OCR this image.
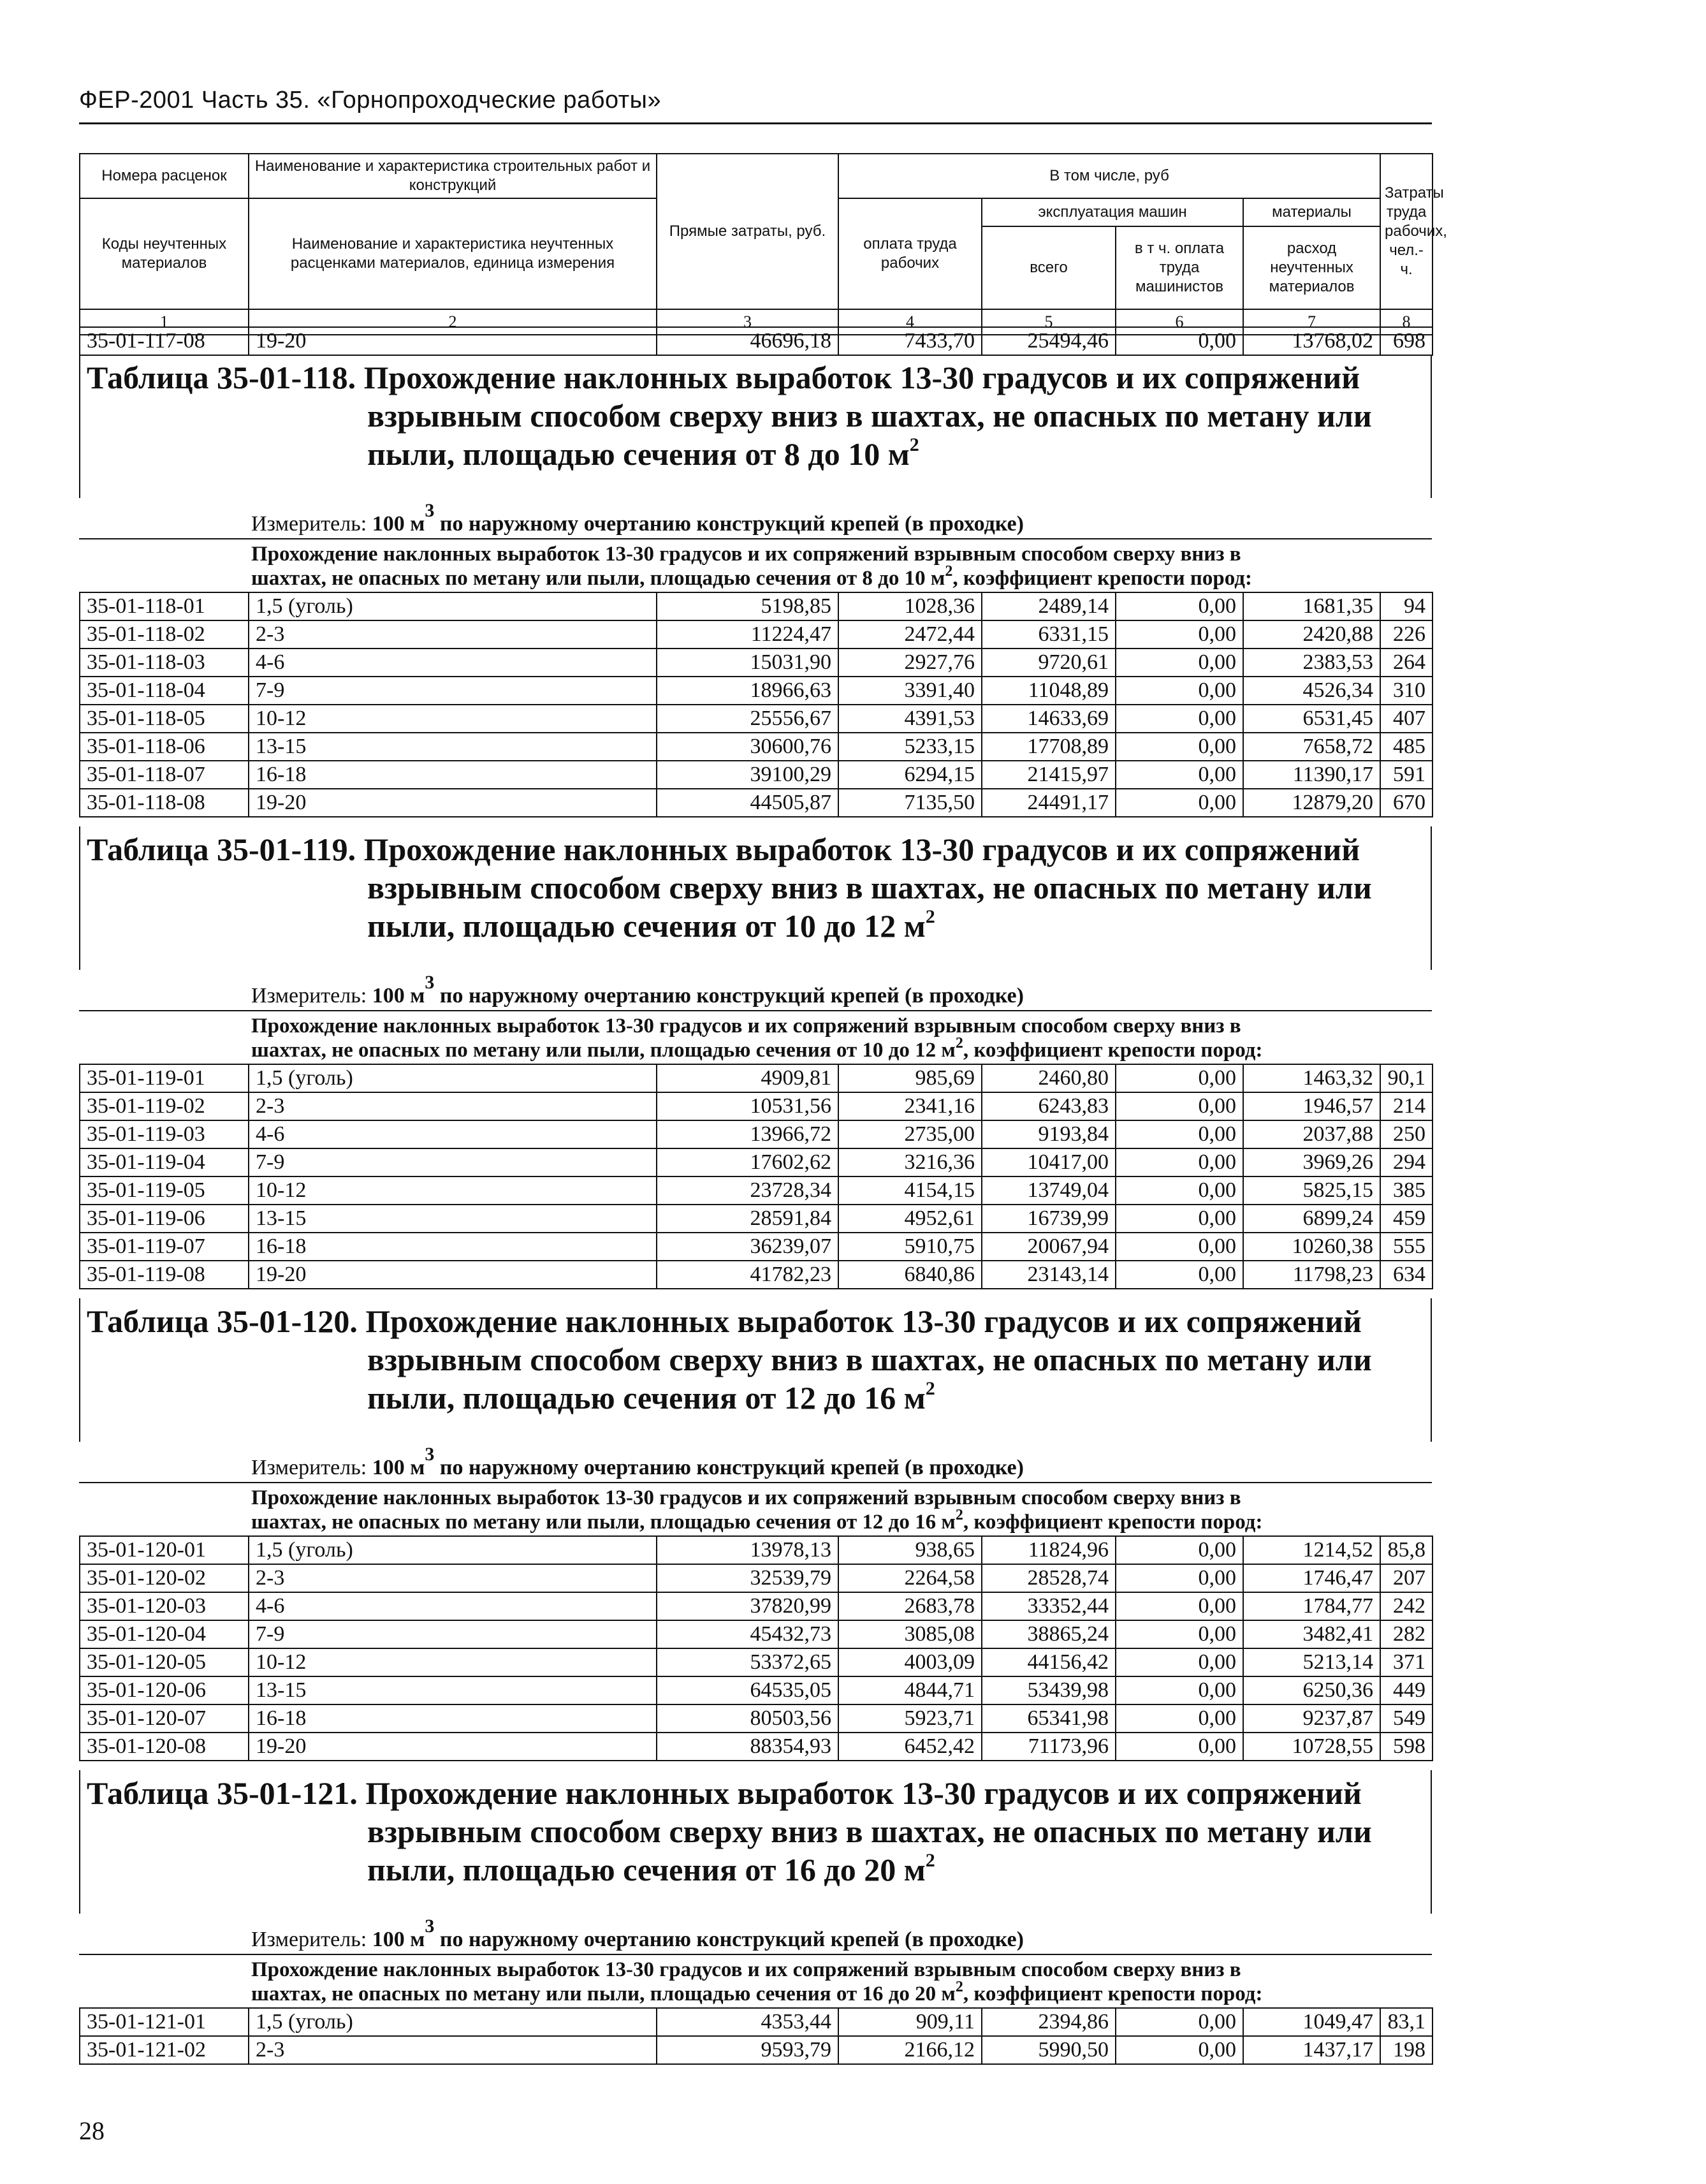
ФЕР-2001 Часть 35. «Горнопроходческие работы»
Номера расценок	Наименование и характеристика строительных работ и конструкций	Прямые затраты, руб.	В том числе, руб				Затраты труда рабочих, чел.-ч.
Коды неучтенных материалов	Наименование и характеристика неучтенных расценками материалов, единица измерения		оплата труда рабочих	эксплуатация машин		материалы	
				всего	в т ч. оплата труда машинистов	расход неучтенных материалов	
1	2	3	4	5	6	7	8
35-01-117-08	19-20	46696,18	7433,70	25494,46	0,00	13768,02	698
Таблица 35-01-118. Прохождение наклонных выработок 13-30 градусов и их сопряжений
взрывным способом сверху вниз в шахтах, не опасных по метану или
пыли, площадью сечения от 8 до 10 $м^2$
Измеритель: 100 м3 по наружному очертанию конструкций крепей (в проходке)
Прохождение наклонных выработок 13-30 градусов и их сопряжений взрывным способом сверху вниз в
шахтах, не опасных по метану или пыли, площадью сечения от 8 до 10 $м^2$, коэффициент крепости пород:
35-01-118-01	1,5 (уголь)	5198,85	1028,36	2489,14	0,00	1681,35	94
35-01-118-02	2-3	11224,47	2472,44	6331,15	0,00	2420,88	226
35-01-118-03	4-6	15031,90	2927,76	9720,61	0,00	2383,53	264
35-01-118-04	7-9	18966,63	3391,40	11048,89	0,00	4526,34	310
35-01-118-05	10-12	25556,67	4391,53	14633,69	0,00	6531,45	407
35-01-118-06	13-15	30600,76	5233,15	17708,89	0,00	7658,72	485
35-01-118-07	16-18	39100,29	6294,15	21415,97	0,00	11390,17	591
35-01-118-08	19-20	44505,87	7135,50	24491,17	0,00	12879,20	670
Таблица 35-01-119. Прохождение наклонных выработок 13-30 градусов и их сопряжений
взрывным способом сверху вниз в шахтах, не опасных по метану или
пыли, площадью сечения от 10 до 12 $м^2$
Измеритель: 100 м3 по наружному очертанию конструкций крепей (в проходке)
Прохождение наклонных выработок 13-30 градусов и их сопряжений взрывным способом сверху вниз в
шахтах, не опасных по метану или пыли, площадью сечения от 10 до 12 $м^2$, коэффициент крепости пород:
35-01-119-01	1,5 (уголь)	4909,81	985,69	2460,80	0,00	1463,32	90,1
35-01-119-02	2-3	10531,56	2341,16	6243,83	0,00	1946,57	214
35-01-119-03	4-6	13966,72	2735,00	9193,84	0,00	2037,88	250
35-01-119-04	7-9	17602,62	3216,36	10417,00	0,00	3969,26	294
35-01-119-05	10-12	23728,34	4154,15	13749,04	0,00	5825,15	385
35-01-119-06	13-15	28591,84	4952,61	16739,99	0,00	6899,24	459
35-01-119-07	16-18	36239,07	5910,75	20067,94	0,00	10260,38	555
35-01-119-08	19-20	41782,23	6840,86	23143,14	0,00	11798,23	634
Таблица 35-01-120. Прохождение наклонных выработок 13-30 градусов и их сопряжений
взрывным способом сверху вниз в шахтах, не опасных по метану или
пыли, площадью сечения от 12 до 16 $м^2$
Измеритель: 100 м3 по наружному очертанию конструкций крепей (в проходке)
Прохождение наклонных выработок 13-30 градусов и их сопряжений взрывным способом сверху вниз в
шахтах, не опасных по метану или пыли, площадью сечения от 12 до 16 $м^2$, коэффициент крепости пород:
35-01-120-01	1,5 (уголь)	13978,13	938,65	11824,96	0,00	1214,52	85,8
35-01-120-02	2-3	32539,79	2264,58	28528,74	0,00	1746,47	207
35-01-120-03	4-6	37820,99	2683,78	33352,44	0,00	1784,77	242
35-01-120-04	7-9	45432,73	3085,08	38865,24	0,00	3482,41	282
35-01-120-05	10-12	53372,65	4003,09	44156,42	0,00	5213,14	371
35-01-120-06	13-15	64535,05	4844,71	53439,98	0,00	6250,36	449
35-01-120-07	16-18	80503,56	5923,71	65341,98	0,00	9237,87	549
35-01-120-08	19-20	88354,93	6452,42	71173,96	0,00	10728,55	598
Таблица 35-01-121. Прохождение наклонных выработок 13-30 градусов и их сопряжений
взрывным способом сверху вниз в шахтах, не опасных по метану или
пыли, площадью сечения от 16 до 20 $м^2$
Измеритель: 100 м3 по наружному очертанию конструкций крепей (в проходке)
Прохождение наклонных выработок 13-30 градусов и их сопряжений взрывным способом сверху вниз в
шахтах, не опасных по метану или пыли, площадью сечения от 16 до 20 $м^2$, коэффициент крепости пород:
35-01-121-01	1,5 (уголь)	4353,44	909,11	2394,86	0,00	1049,47	83,1
35-01-121-02	2-3	9593,79	2166,12	5990,50	0,00	1437,17	198
28
